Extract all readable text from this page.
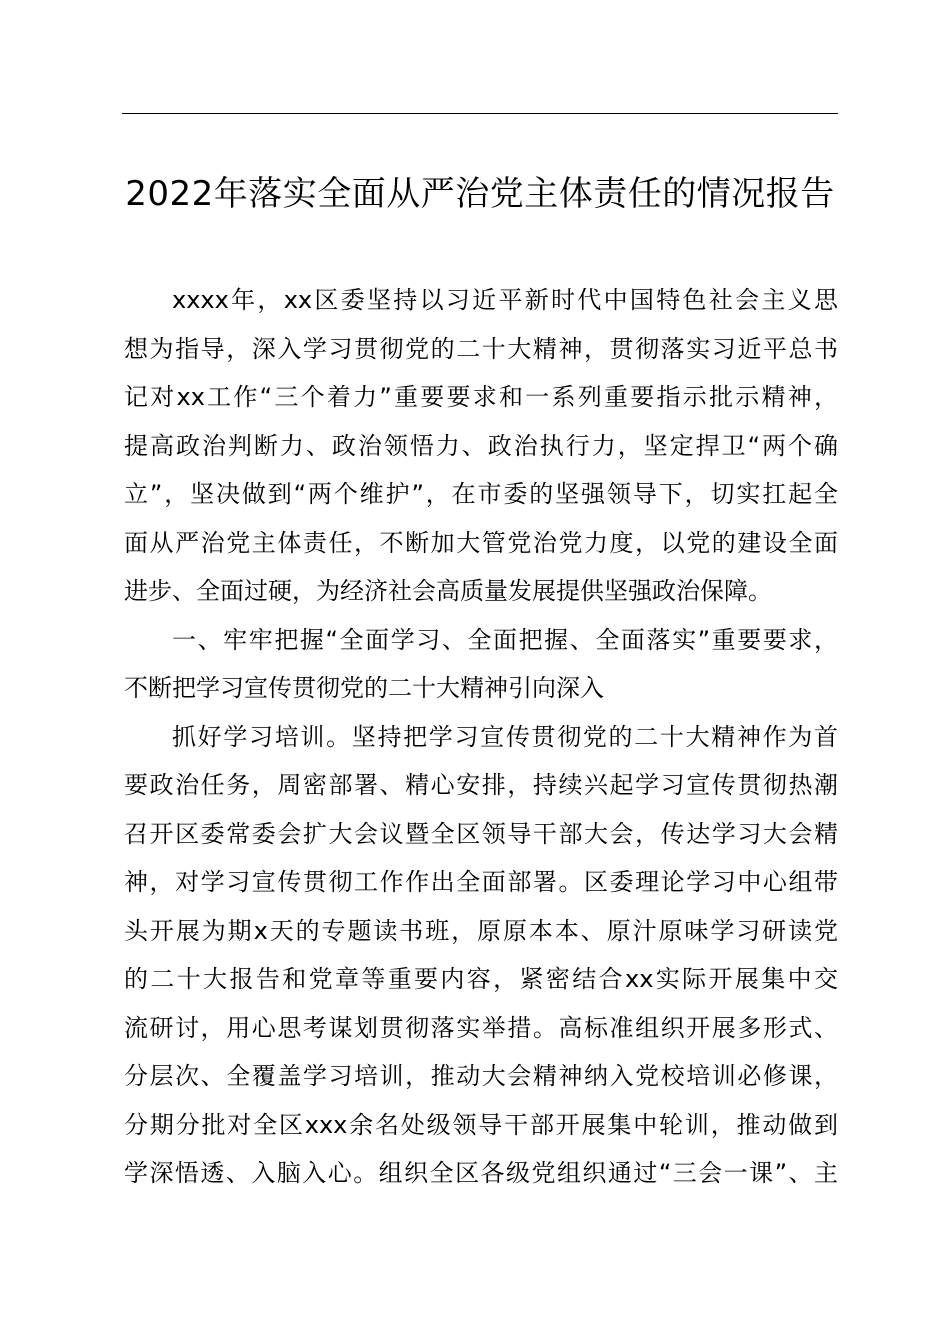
2022年落实全面从严治党主体责任的情况报告
xxxx年，xx区委坚持以习近平新时代中国特色社会主义思
想为指导，深入学习贯彻党的二十大精神，贯彻落实习近平总书
记对xx工作“三个着力”重要要求和一系列重要指示批示精神，
提高政治判断力、政治领悟力、政治执行力，坚定捍卫“两个确
立”，坚决做到“两个维护”，在市委的坚强领导下，切实扛起全
面从严治党主体责任，不断加大管党治党力度，以党的建设全面
进步、全面过硬，为经济社会高质量发展提供坚强政治保障。
一、牢牢把握“全面学习、全面把握、全面落实”重要要求，
不断把学习宣传贯彻党的二十大精神引向深入
抓好学习培训。坚持把学习宣传贯彻党的二十大精神作为首
要政治任务，周密部署、精心安排，持续兴起学习宣传贯彻热潮
召开区委常委会扩大会议暨全区领导干部大会，传达学习大会精
神，对学习宣传贯彻工作作出全面部署。区委理论学习中心组带
头开展为期x天的专题读书班，原原本本、原汁原味学习研读党
的二十大报告和党章等重要内容，紧密结合xx实际开展集中交
流研讨，用心思考谋划贯彻落实举措。高标准组织开展多形式、
分层次、全覆盖学习培训，推动大会精神纳入党校培训必修课，
分期分批对全区xxx余名处级领导干部开展集中轮训，推动做到
学深悟透、入脑入心。组织全区各级党组织通过“三会一课”、主
